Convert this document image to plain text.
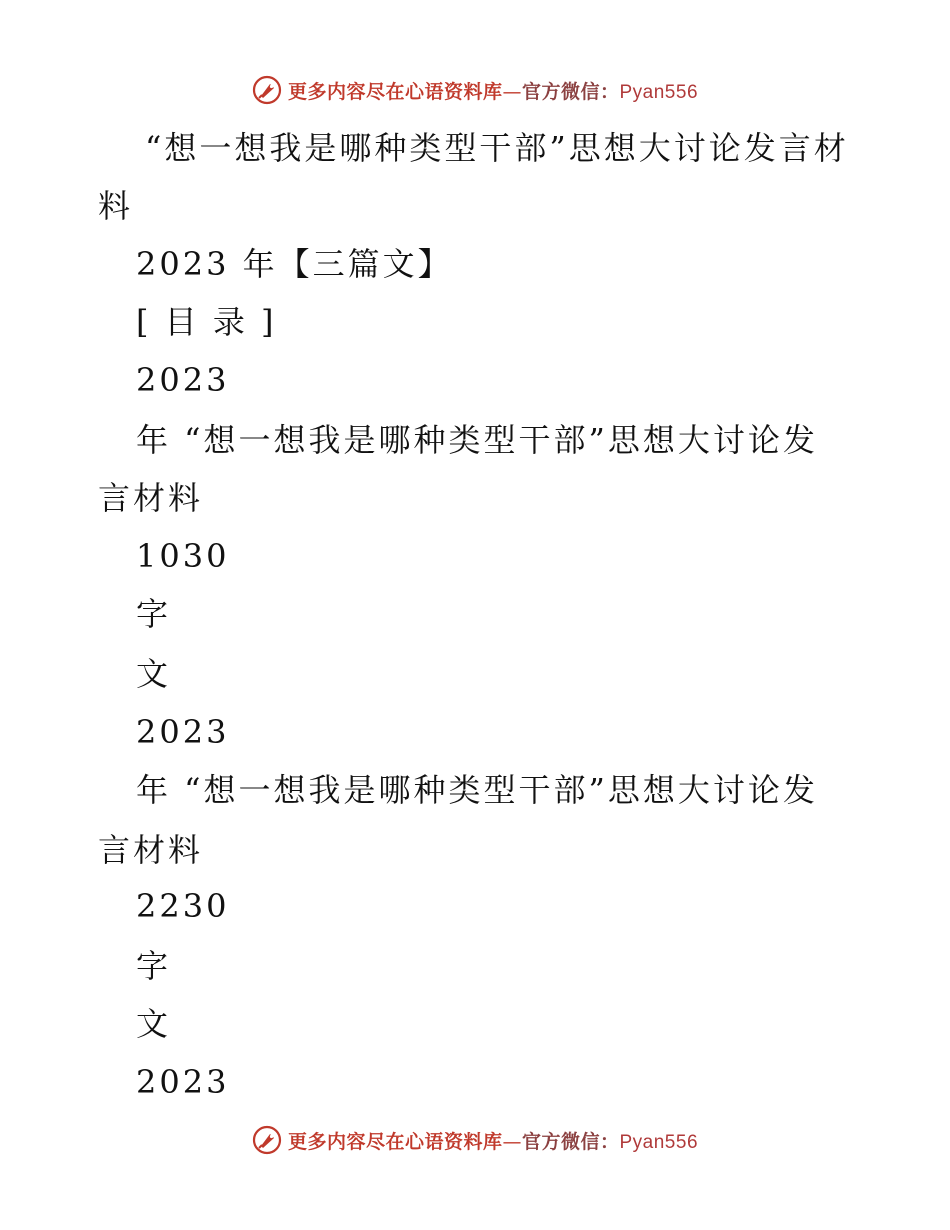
更多内容尽在心语资料库—官方微信：Pyan556
“想一想我是哪种类型干部”思想大讨论发言材
料
2023 年【三篇文】
[ 目 录 ]
2023
年 “想一想我是哪种类型干部”思想大讨论发
言材料
1030
字
文
2023
年 “想一想我是哪种类型干部”思想大讨论发
言材料
2230
字
文
2023
更多内容尽在心语资料库—官方微信：Pyan556
